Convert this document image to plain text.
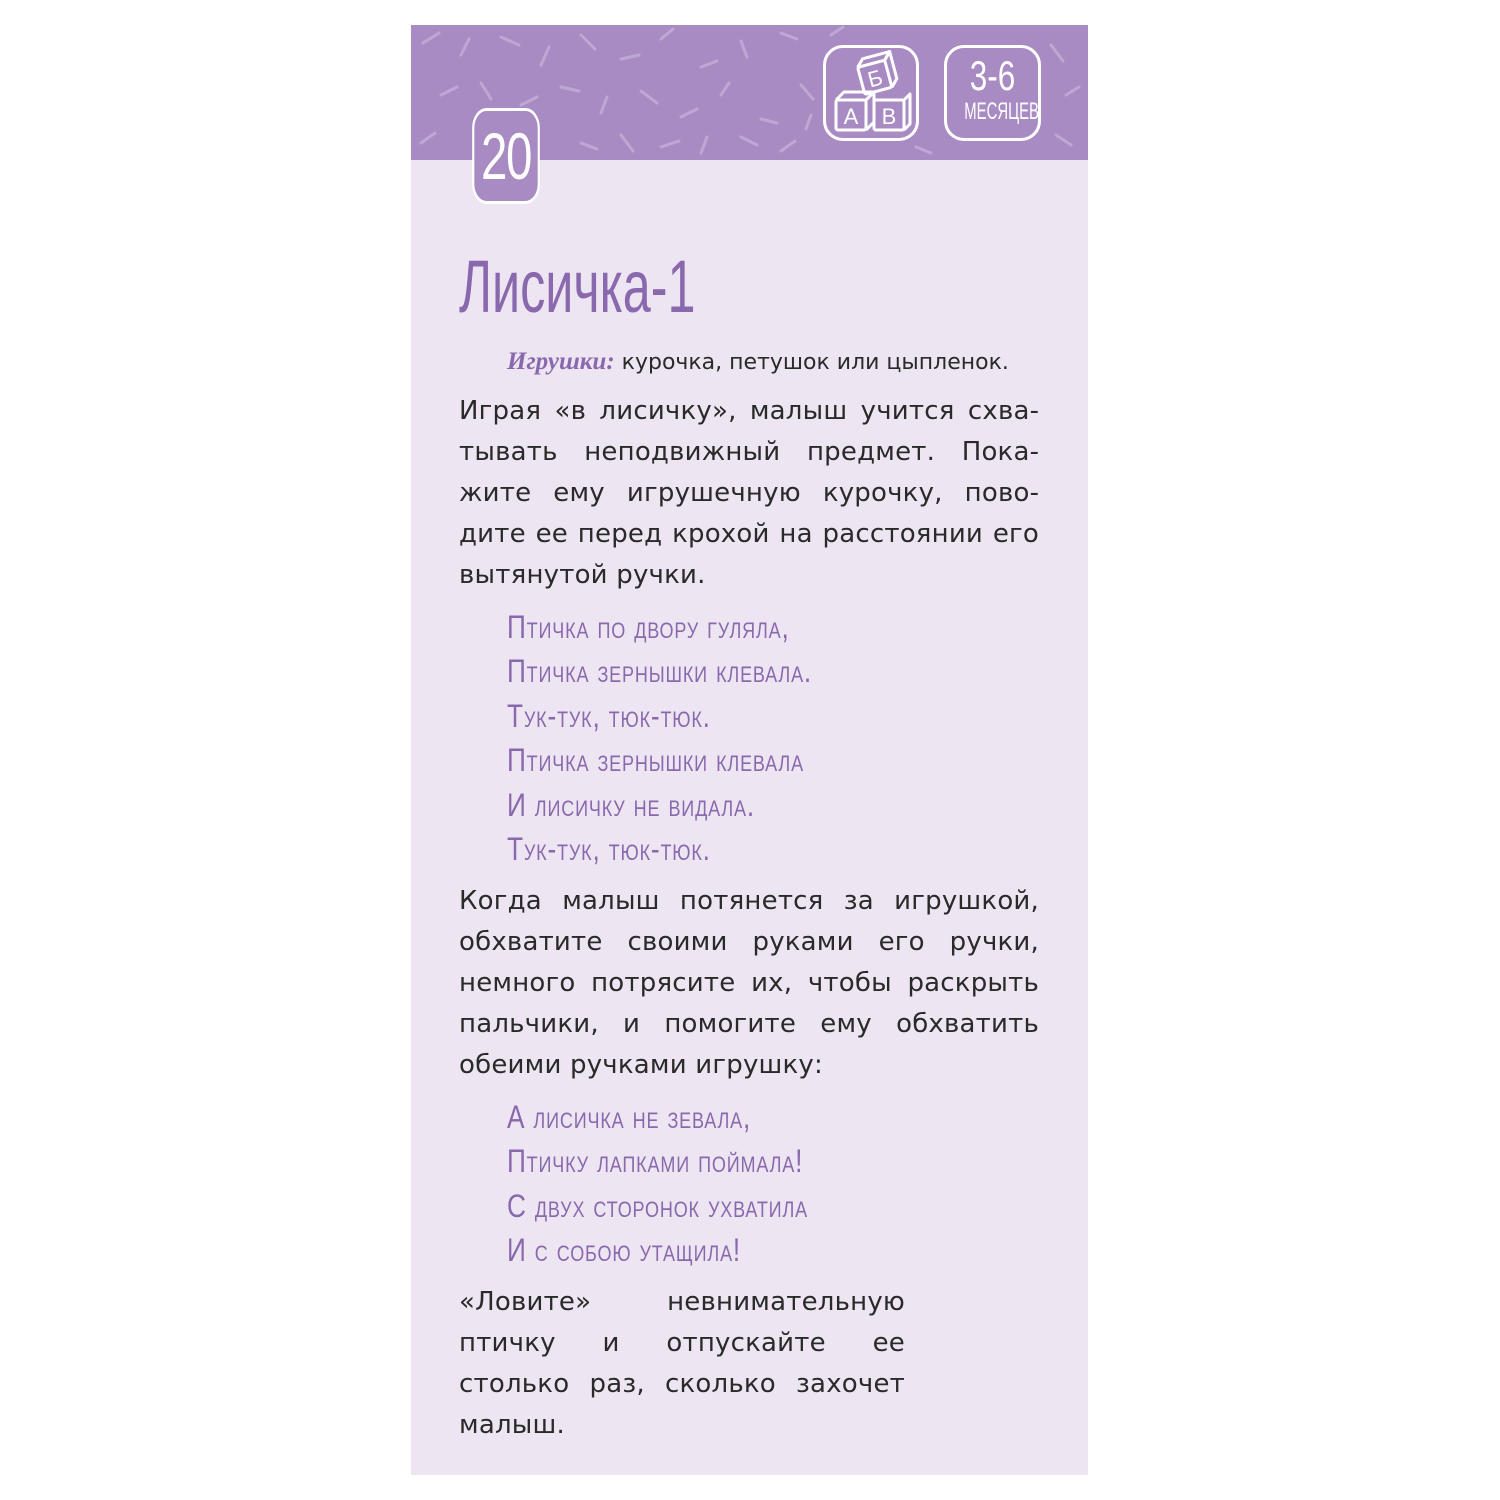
А В
Б 3-6
МЕСЯЦЕВ
20
Лисичка-1
Игрушки: курочка, петушок или цыпленок.

Играя «в лисичку», малыш учится схватывать неподвижный предмет. Покажите ему игрушечную курочку, поводите ее перед крохой на расстоянии его вытянутой ручки.

Птичка по двору гуляла,
Птичка зернышки клевала.
Тук-тук, тюк-тюк.
Птичка зернышки клевала
И лисичку не видала.
Тук-тук, тюк-тюк.

Когда малыш потянется за игрушкой, обхватите своими руками его ручки, немного потрясите их, чтобы раскрыть пальчики, и помогите ему обхватить обеими ручками игрушку:

А лисичка не зевала,
Птичку лапками поймала!
С двух сторонок ухватила
И с собою утащила!

«Ловите» невнимательную птичку и отпускайте ее столько раз, сколько захочет малыш.
